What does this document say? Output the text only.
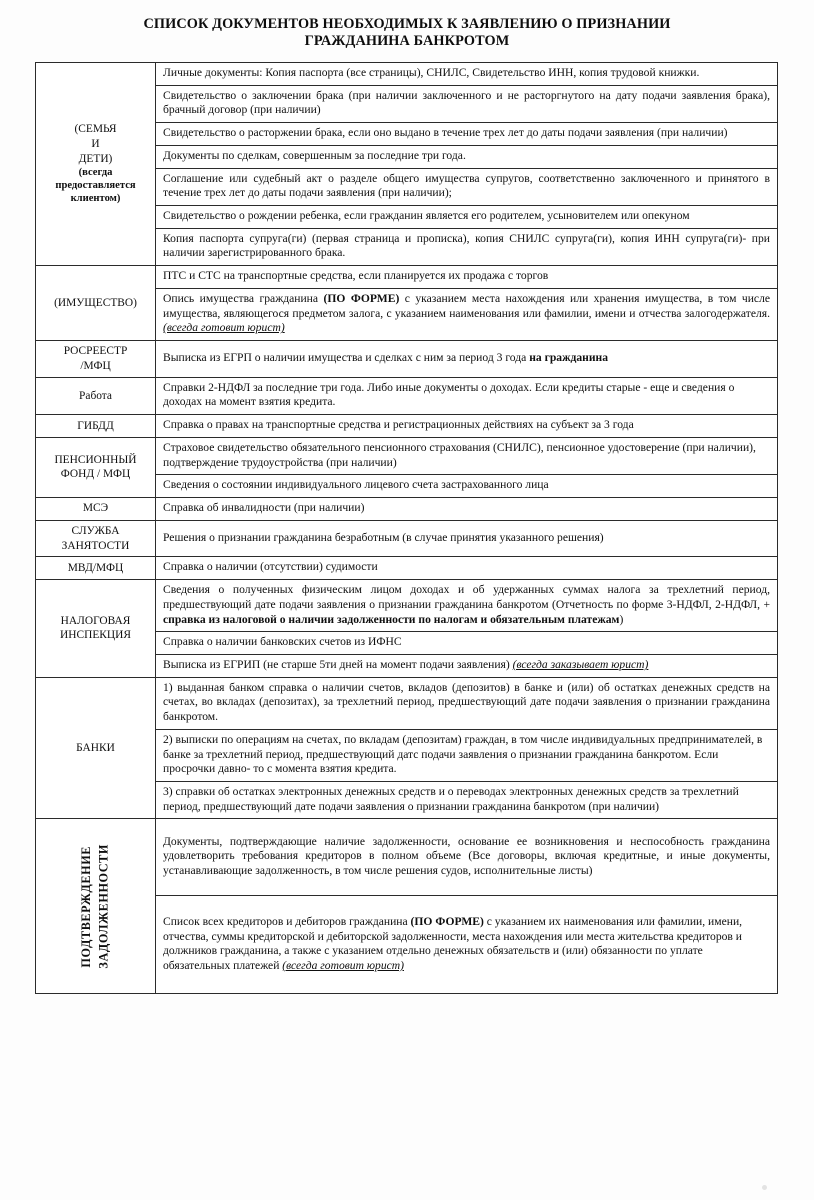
СПИСОК ДОКУМЕНТОВ НЕОБХОДИМЫХ К ЗАЯВЛЕНИЮ О ПРИЗНАНИИ
ГРАЖДАНИНА БАНКРОТОМ
(СЕМЬЯ
И
ДЕТИ)
(всегда
предоставляется
клиентом)
	Личные документы: Копия паспорта (все страницы), СНИЛС, Свидетельство ИНН, копия трудовой книжки.
	Свидетельство о заключении брака (при наличии заключенного и не расторгнутого на дату подачи заявления брака), брачный договор (при наличии)
	Свидетельство о расторжении брака, если оно выдано в течение трех лет до даты подачи заявления (при наличии)
	Документы по сделкам, совершенным за последние три года.
	Соглашение или судебный акт о разделе общего имущества супругов, соответственно заключенного и принятого в течение трех лет до даты подачи заявления (при наличии);
	Свидетельство о рождении ребенка, если гражданин является его родителем, усыновителем или опекуном
	Копия паспорта супруга(ги) (первая страница и прописка), копия СНИЛС супруга(ги), копия ИНН супруга(ги)- при наличии зарегистрированного брака.

(ИМУЩЕСТВО)	ПТС и СТС на транспортные средства, если планируется их продажа с торгов
	Опись имущества гражданина (ПО ФОРМЕ) с указанием места нахождения или хранения имущества, в том числе имущества, являющегося предметом залога, с указанием наименования или фамилии, имени и отчества залогодержателя. (всегда готовит юрист)

РОСРЕЕСТР
/МФЦ	Выписка из ЕГРП о наличии имущества и сделках с ним за период 3 года на гражданина

Работа	Справки 2-НДФЛ за последние три года. Либо иные документы о доходах. Если кредиты старые - еще и сведения о доходах на момент взятия кредита.

ГИБДД	Справка о правах на транспортные средства и регистрационных действиях на субъект за 3 года

ПЕНСИОННЫЙ
ФОНД / МФЦ	Страховое свидетельство обязательного пенсионного страхования (СНИЛС), пенсионное удостоверение (при наличии), подтверждение трудоустройства (при наличии)
	Сведения о состоянии индивидуального лицевого счета застрахованного лица

МСЭ	Справка об инвалидности (при наличии)

СЛУЖБА
ЗАНЯТОСТИ	Решения о признании гражданина безработным (в случае принятия указанного решения)

МВД/МФЦ	Справка о наличии (отсутствии) судимости

НАЛОГОВАЯ
ИНСПЕКЦИЯ	Сведения о полученных физическим лицом доходах и об удержанных суммах налога за трехлетний период, предшествующий дате подачи заявления о признании гражданина банкротом (Отчетность по форме 3-НДФЛ, 2-НДФЛ, + справка из налоговой о наличии задолженности по налогам и обязательным платежам)
	Справка о наличии банковских счетов из ИФНС
	Выписка из ЕГРИП (не старше 5ти дней на момент подачи заявления) (всегда заказывает юрист)

БАНКИ	1) выданная банком справка о наличии счетов, вкладов (депозитов) в банке и (или) об остатках денежных средств на счетах, во вкладах (депозитах), за трехлетний период, предшествующий дате подачи заявления о признании гражданина банкротом.
	2) выписки по операциям на счетах, по вкладам (депозитам) граждан, в том числе индивидуальных предпринимателей, в банке за трехлетний период, предшествующий датс подачи заявления о признании гражданина банкротом. Если просрочки давно- то с момента взятия кредита.
	3) справки об остатках электронных денежных средств и о переводах электронных денежных средств за трехлетний период, предшествующий дате подачи заявления о признании гражданина банкротом (при наличии)

ПОДТВЕРЖДЕНИЕ ЗАДОЛЖЕННОСТИ	Документы, подтверждающие наличие задолженности, основание ее возникновения и неспособность гражданина удовлетворить требования кредиторов в полном объеме (Все договоры, включая кредитные, и иные документы, устанавливающие задолженность, в том числе решения судов, исполнительные листы)
	Список всех кредиторов и дебиторов гражданина (ПО ФОРМЕ) с указанием их наименования или фамилии, имени, отчества, суммы кредиторской и дебиторской задолженности, места нахождения или места жительства кредиторов и должников гражданина, а также с указанием отдельно денежных обязательств и (или) обязанности по уплате обязательных платежей (всегда готовит юрист)
